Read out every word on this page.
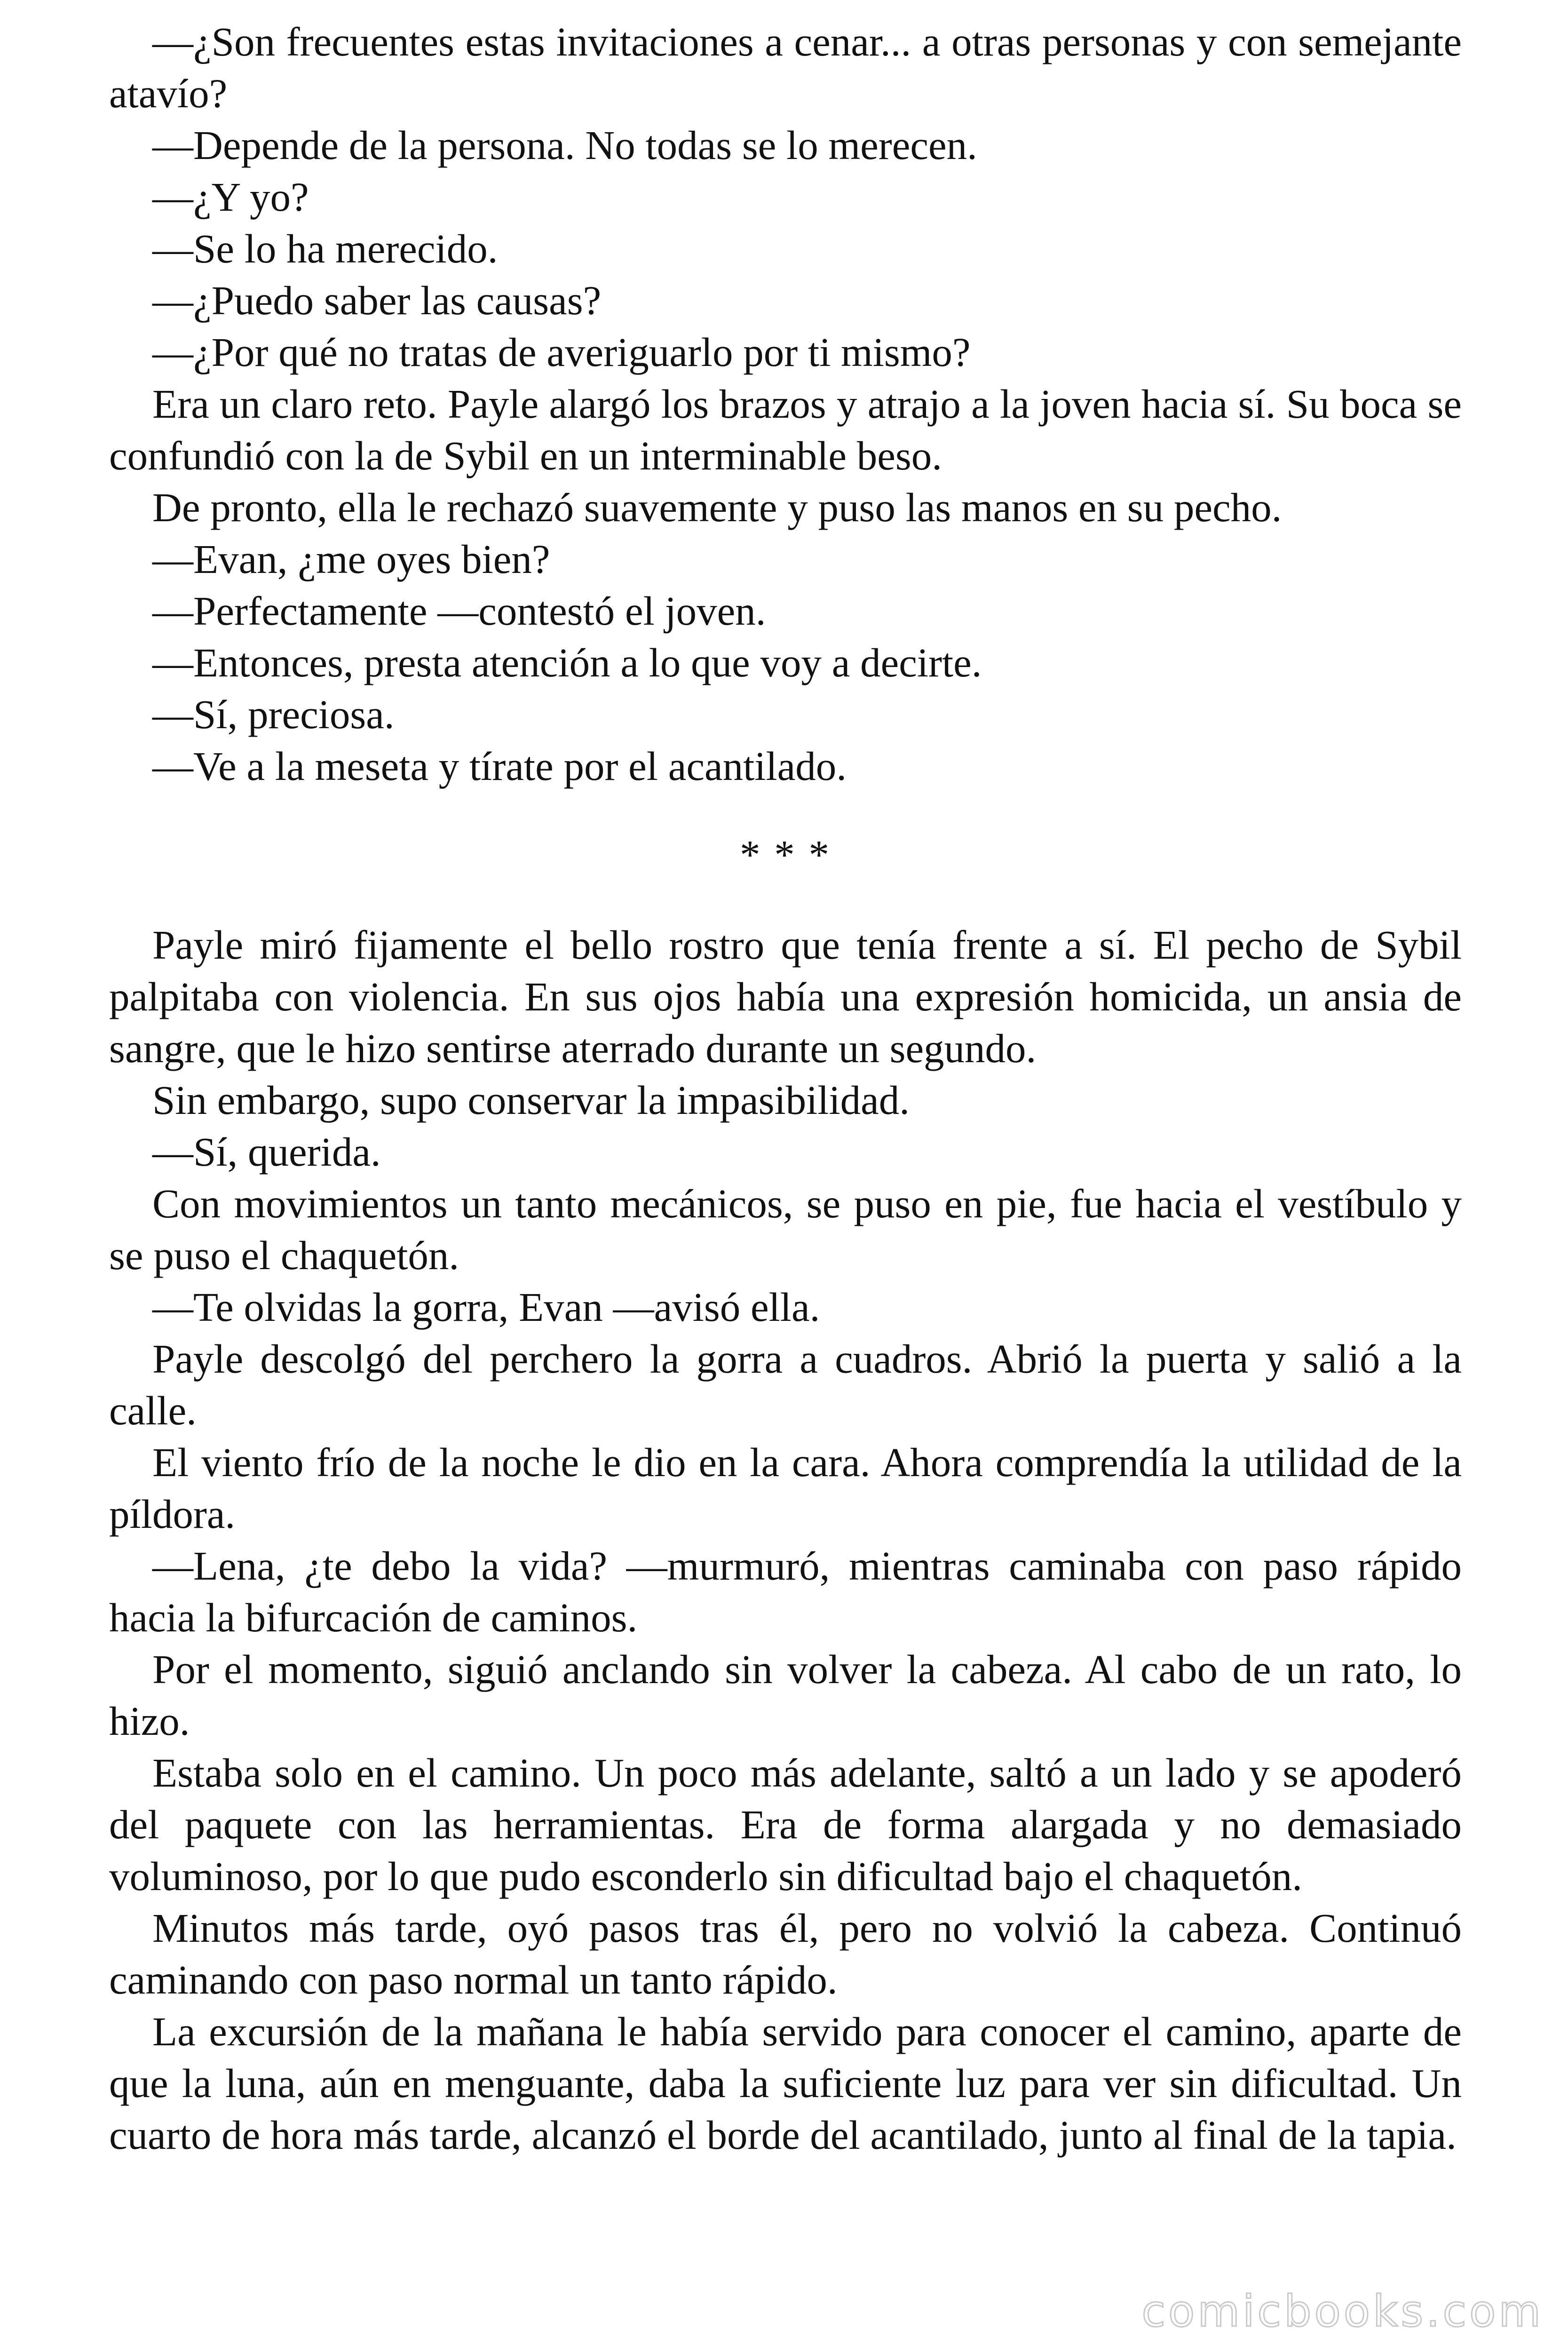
—¿Son frecuentes estas invitaciones a cenar... a otras personas y con semejante atavío?

—Depende de la persona. No todas se lo merecen.

—¿Y yo?

—Se lo ha merecido.

—¿Puedo saber las causas?

—¿Por qué no tratas de averiguarlo por ti mismo?

Era un claro reto. Payle alargó los brazos y atrajo a la joven hacia sí. Su boca se confundió con la de Sybil en un interminable beso.

De pronto, ella le rechazó suavemente y puso las manos en su pecho.

—Evan, ¿me oyes bien?

—Perfectamente —contestó el joven.

—Entonces, presta atención a lo que voy a decirte.

—Sí, preciosa.

—Ve a la meseta y tírate por el acantilado.

* * *

Payle miró fijamente el bello rostro que tenía frente a sí. El pecho de Sybil palpitaba con violencia. En sus ojos había una expresión homicida, un ansia de sangre, que le hizo sentirse aterrado durante un segundo.

Sin embargo, supo conservar la impasibilidad.

—Sí, querida.

Con movimientos un tanto mecánicos, se puso en pie, fue hacia el vestíbulo y se puso el chaquetón.

—Te olvidas la gorra, Evan —avisó ella.

Payle descolgó del perchero la gorra a cuadros. Abrió la puerta y salió a la calle.

El viento frío de la noche le dio en la cara. Ahora comprendía la utilidad de la píldora.

—Lena, ¿te debo la vida? —murmuró, mientras caminaba con paso rápido hacia la bifurcación de caminos.

Por el momento, siguió anclando sin volver la cabeza. Al cabo de un rato, lo hizo.

Estaba solo en el camino. Un poco más adelante, saltó a un lado y se apoderó del paquete con las herramientas. Era de forma alargada y no demasiado voluminoso, por lo que pudo esconderlo sin dificultad bajo el chaquetón.

Minutos más tarde, oyó pasos tras él, pero no volvió la cabeza. Continuó caminando con paso normal un tanto rápido.

La excursión de la mañana le había servido para conocer el camino, aparte de que la luna, aún en menguante, daba la suficiente luz para ver sin dificultad. Un cuarto de hora más tarde, alcanzó el borde del acantilado, junto al final de la tapia.

comicbooks.com
